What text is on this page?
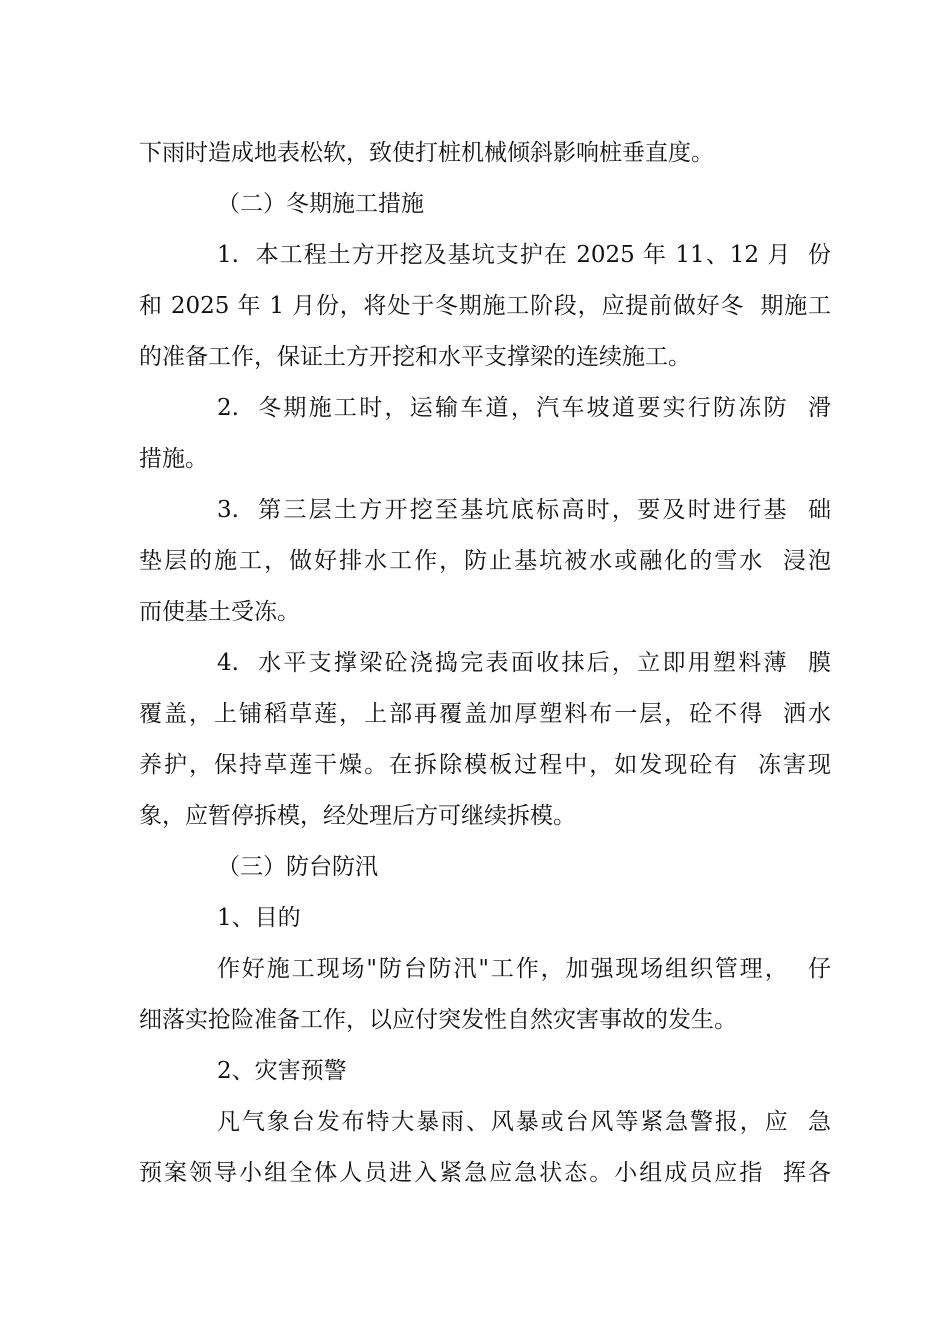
下雨时造成地表松软，致使打桩机械倾斜影响桩垂直度。
（二）冬期施工措施
1.  本工程土方开挖及基坑支护在 2025 年 11、12 月  份
和 2025 年 1 月份，将处于冬期施工阶段，应提前做好冬  期施工
的准备工作，保证土方开挖和水平支撑梁的连续施工。
2.  冬期施工时，运输车道，汽车坡道要实行防冻防  滑
措施。
3.  第三层土方开挖至基坑底标高时，要及时进行基  础
垫层的施工，做好排水工作，防止基坑被水或融化的雪水  浸泡
而使基土受冻。
4.  水平支撑梁砼浇捣完表面收抹后，立即用塑料薄  膜
覆盖，上铺稻草莲，上部再覆盖加厚塑料布一层，砼不得  洒水
养护，保持草莲干燥。在拆除模板过程中，如发现砼有  冻害现
象，应暂停拆模，经处理后方可继续拆模。
（三）防台防汛
1、目的
作好施工现场"防台防汛"工作，加强现场组织管理，  仔
细落实抢险准备工作，以应付突发性自然灾害事故的发生。
2、灾害预警
凡气象台发布特大暴雨、风暴或台风等紧急警报，应  急
预案领导小组全体人员进入紧急应急状态。小组成员应指  挥各
